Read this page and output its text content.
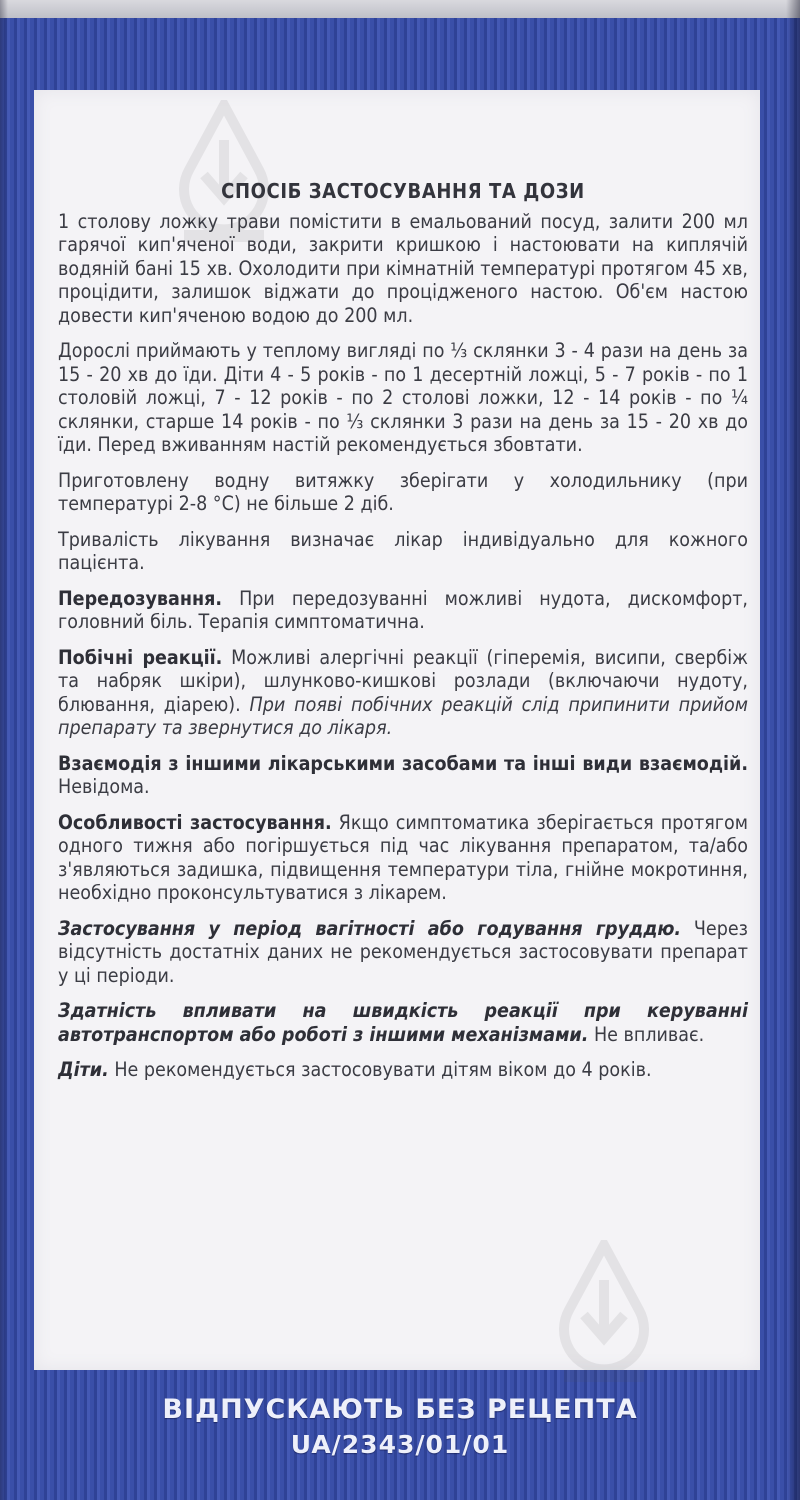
СПОСІБ ЗАСТОСУВАННЯ ТА ДОЗИ

1 столову ложку трави помістити в емальований посуд, залити 200 мл гарячої кип'яченої води, закрити кришкою і настоювати на киплячій водяній бані 15 хв. Охолодити при кімнатній температурі протягом 45 хв, процідити, залишок віджати до процідженого настою. Об'єм настою довести кип'яченою водою до 200 мл.

Дорослі приймають у теплому вигляді по ⅓ склянки 3 - 4 рази на день за 15 - 20 хв до їди. Діти 4 - 5 років - по 1 десертній ложці, 5 - 7 років - по 1 столовій ложці, 7 - 12 років - по 2 столові ложки, 12 - 14 років - по ¼ склянки, старше 14 років - по ⅓ склянки 3 рази на день за 15 - 20 хв до їди. Перед вживанням настій рекомендується збовтати.

Приготовлену водну витяжку зберігати у холодильнику (при температурі 2-8 °C) не більше 2 діб.

Тривалість лікування визначає лікар індивідуально для кожного пацієнта.

Передозування. При передозуванні можливі нудота, дискомфорт, головний біль. Терапія симптоматична.

Побічні реакції. Можливі алергічні реакції (гіперемія, висипи, свербіж та набряк шкіри), шлунково-кишкові розлади (включаючи нудоту, блювання, діарею). При появі побічних реакцій слід припинити прийом препарату та звернутися до лікаря.

Взаємодія з іншими лікарськими засобами та інші види взаємодій. Невідома.

Особливості застосування. Якщо симптоматика зберігається протягом одного тижня або погіршується під час лікування препаратом, та/або з'являються задишка, підвищення температури тіла, гнійне мокротиння, необхідно проконсультуватися з лікарем.

Застосування у період вагітності або годування груддю. Через відсутність достатніх даних не рекомендується застосовувати препарат у ці періоди.

Здатність впливати на швидкість реакції при керуванні автотранспортом або роботі з іншими механізмами. Не впливає.

Діти. Не рекомендується застосовувати дітям віком до 4 років.

ВІДПУСКАЮТЬ БЕЗ РЕЦЕПТА
UA/2343/01/01
